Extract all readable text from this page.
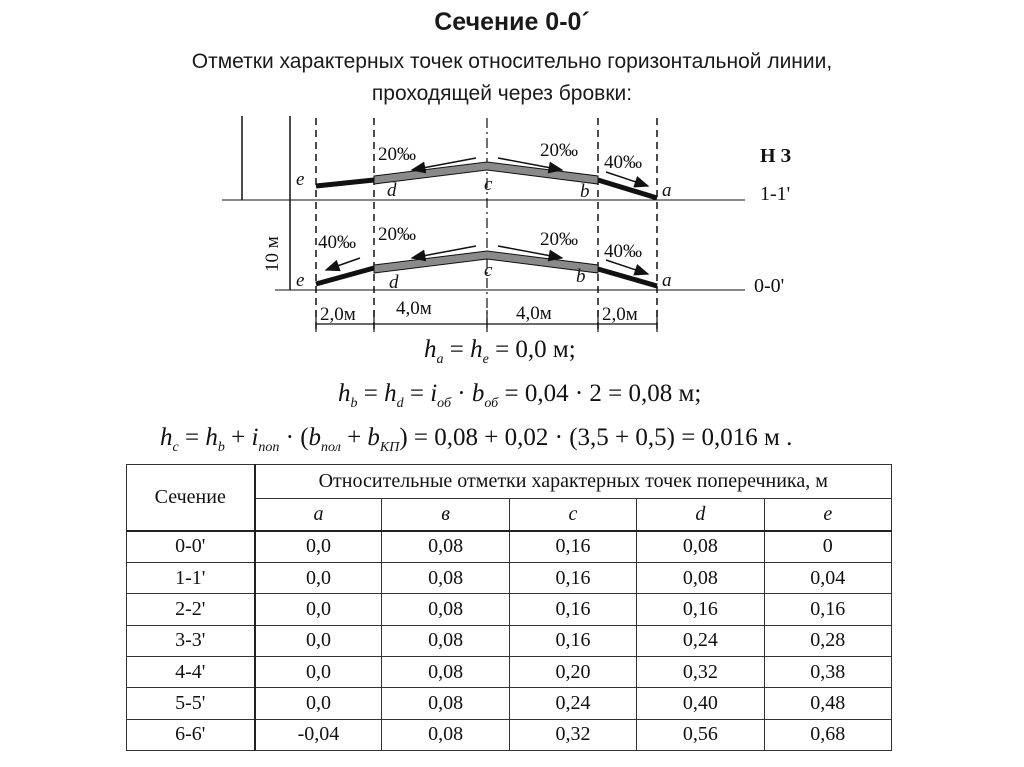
Сечение 0-0´
Отметки характерных точек относительно горизонтальной линии,
проходящей через бровки:
20‰	20‰
40‰
20‰	20‰
40‰	40‰
e
d	c	b	a
e	d
c	b	a
Н З
1-1'
0-0'
10 м
2,0м 4,0м	4,0м	2,0м
$h_a = h_e = 0,0$ м;
$h_b = h_d = i_{об} \cdot b_{об} = 0,04 \cdot 2 = 0,08$ м;
$h_c = h_b + i_{поп} \cdot (b_{пол} + b_{КП}) = 0,08 + 0,02 \cdot (3,5 + 0,5) = 0,016$ м .
Сечение	Относительные отметки характерных точек поперечника, м				
	a	в	c	d	e
0-0'	0,0	0,08	0,16	0,08	0
1-1'	0,0	0,08	0,16	0,08	0,04
2-2'	0,0	0,08	0,16	0,16	0,16
3-3'	0,0	0,08	0,16	0,24	0,28
4-4'	0,0	0,08	0,20	0,32	0,38
5-5'	0,0	0,08	0,24	0,40	0,48
6-6'	-0,04	0,08	0,32	0,56	0,68
